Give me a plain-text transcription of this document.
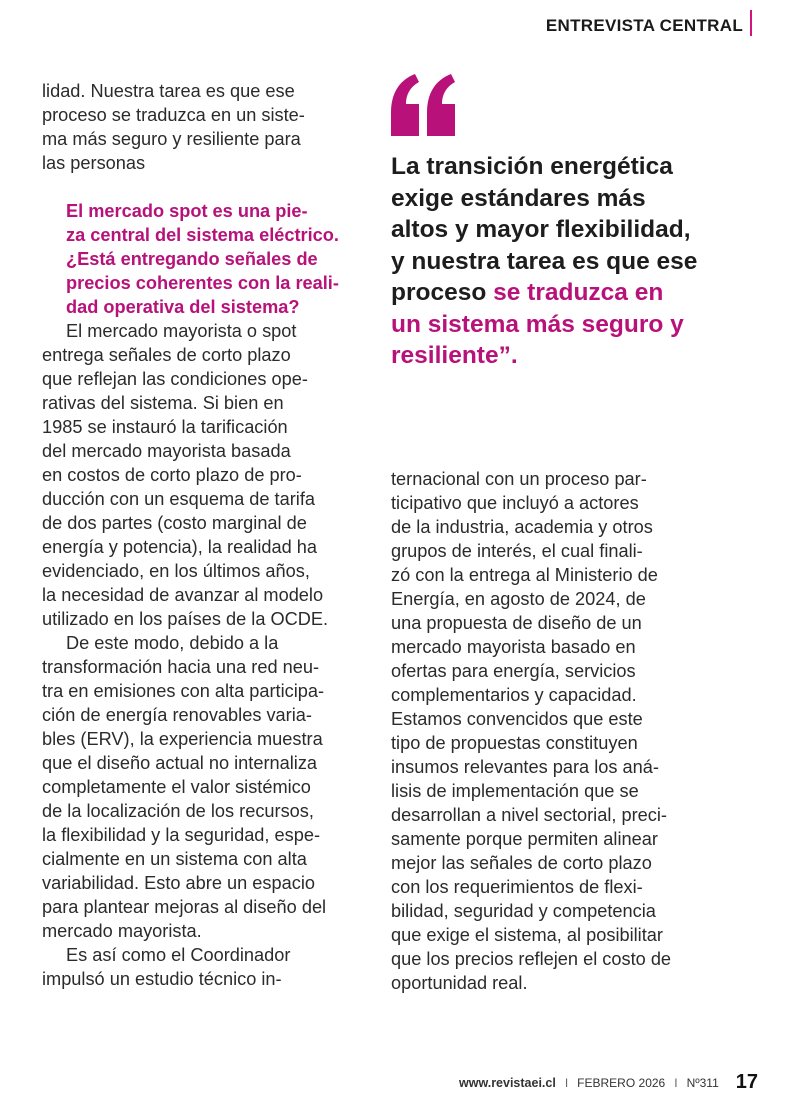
ENTREVISTA CENTRAL

lidad. Nuestra tarea es que ese
proceso se traduzca en un siste-
ma más seguro y resiliente para
las personas

El mercado spot es una pie-
za central del sistema eléctrico.
¿Está entregando señales de
precios coherentes con la reali-
dad operativa del sistema?

El mercado mayorista o spot
entrega señales de corto plazo
que reflejan las condiciones ope-
rativas del sistema. Si bien en
1985 se instauró la tarificación
del mercado mayorista basada
en costos de corto plazo de pro-
ducción con un esquema de tarifa
de dos partes (costo marginal de
energía y potencia), la realidad ha
evidenciado, en los últimos años,
la necesidad de avanzar al modelo
utilizado en los países de la OCDE.

De este modo, debido a la
transformación hacia una red neu-
tra en emisiones con alta participa-
ción de energía renovables varia-
bles (ERV), la experiencia muestra
que el diseño actual no internaliza
completamente el valor sistémico
de la localización de los recursos,
la flexibilidad y la seguridad, espe-
cialmente en un sistema con alta
variabilidad. Esto abre un espacio
para plantear mejoras al diseño del
mercado mayorista.

Es así como el Coordinador
impulsó un estudio técnico in-

La transición energética
exige estándares más
altos y mayor flexibilidad,
y nuestra tarea es que ese
proceso se traduzca en
un sistema más seguro y
resiliente”.

ternacional con un proceso par-
ticipativo que incluyó a actores
de la industria, academia y otros
grupos de interés, el cual finali-
zó con la entrega al Ministerio de
Energía, en agosto de 2024, de
una propuesta de diseño de un
mercado mayorista basado en
ofertas para energía, servicios
complementarios y capacidad.
Estamos convencidos que este
tipo de propuestas constituyen
insumos relevantes para los aná-
lisis de implementación que se
desarrollan a nivel sectorial, preci-
samente porque permiten alinear
mejor las señales de corto plazo
con los requerimientos de flexi-
bilidad, seguridad y competencia
que exige el sistema, al posibilitar
que los precios reflejen el costo de
oportunidad real.

www.revistaei.cl I FEBRERO 2026 I Nº311 17
